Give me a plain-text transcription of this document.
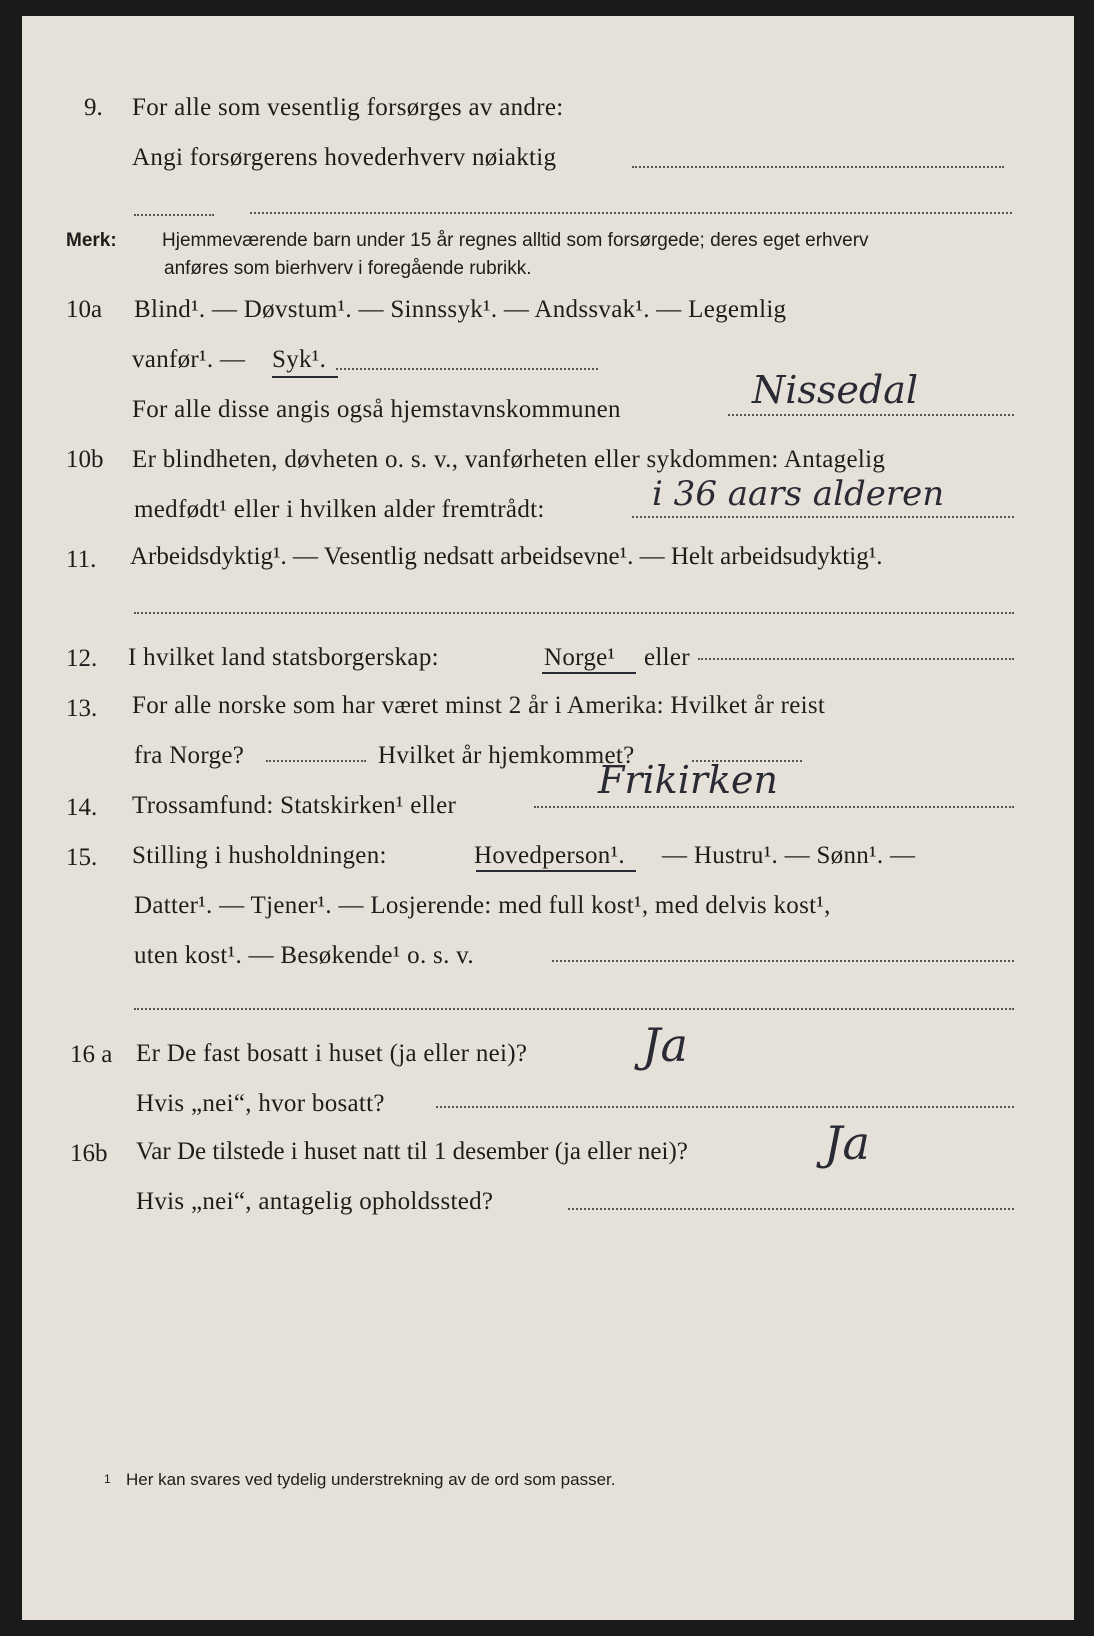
9. For alle som vesentlig forsørges av andre:
Angi forsørgerens hovederhverv nøiaktig
Merk: Hjemmeværende barn under 15 år regnes alltid som forsørgede; deres eget erhverv
anføres som bierhverv i foregående rubrikk.
10a Blind¹. — Døvstum¹. — Sinnssyk¹. — Andssvak¹. — Legemlig
vanfør¹. — Syk¹.
For alle disse angis også hjemstavnskommunen	Nissedal
10b Er blindheten, døvheten o. s. v., vanførheten eller sykdommen: Antagelig
medfødt¹ eller i hvilken alder fremtrådt:	i 36 aars alderen
11. Arbeidsdyktig¹. — Vesentlig nedsatt arbeidsevne¹. — Helt arbeidsudyktig¹.
12. I hvilket land statsborgerskap:	Norge¹ eller
13. For alle norske som har været minst 2 år i Amerika: Hvilket år reist
fra Norge?	Hvilket år hjemkommet?
14. Trossamfund: Statskirken¹ eller
Frikirken
15. Stilling i husholdningen:	Hovedperson¹. — Hustru¹. — Sønn¹. —
Datter¹. — Tjener¹. — Losjerende: med full kost¹, med delvis kost¹,
uten kost¹. — Besøkende¹ o. s. v.
16 a Er De fast bosatt i huset (ja eller nei)?
Hvis „nei“, hvor bosatt?
Ja
16b Var De tilstede i huset natt til 1 desember (ja eller nei)?
Hvis „nei“, antagelig opholdssted?
Ja
1 Her kan svares ved tydelig understrekning av de ord som passer.
